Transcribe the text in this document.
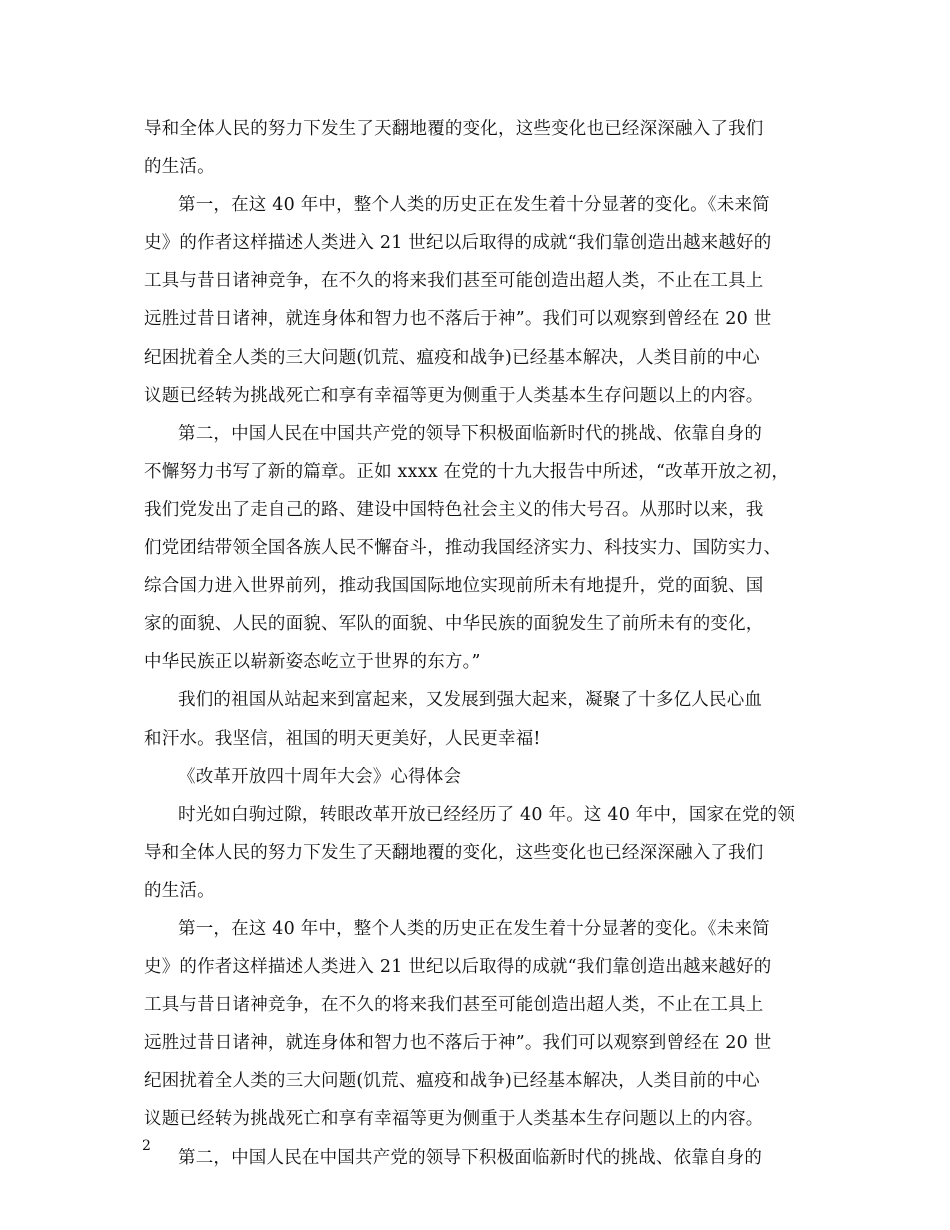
导和全体人民的努力下发生了天翻地覆的变化，这些变化也已经深深融入了我们
的生活。
第一，在这 40 年中，整个人类的历史正在发生着十分显著的变化。《未来简
史》的作者这样描述人类进入 21 世纪以后取得的成就“我们靠创造出越来越好的
工具与昔日诸神竞争，在不久的将来我们甚至可能创造出超人类，不止在工具上
远胜过昔日诸神，就连身体和智力也不落后于神”。我们可以观察到曾经在 20 世
纪困扰着全人类的三大问题(饥荒、瘟疫和战争)已经基本解决，人类目前的中心
议题已经转为挑战死亡和享有幸福等更为侧重于人类基本生存问题以上的内容。
第二，中国人民在中国共产党的领导下积极面临新时代的挑战、依靠自身的
不懈努力书写了新的篇章。正如 xxxx 在党的十九大报告中所述，“改革开放之初，
我们党发出了走自己的路、建设中国特色社会主义的伟大号召。从那时以来，我
们党团结带领全国各族人民不懈奋斗，推动我国经济实力、科技实力、国防实力、
综合国力进入世界前列，推动我国国际地位实现前所未有地提升，党的面貌、国
家的面貌、人民的面貌、军队的面貌、中华民族的面貌发生了前所未有的变化，
中华民族正以崭新姿态屹立于世界的东方。”
我们的祖国从站起来到富起来，又发展到强大起来，凝聚了十多亿人民心血
和汗水。我坚信，祖国的明天更美好，人民更幸福!
《改革开放四十周年大会》心得体会
时光如白驹过隙，转眼改革开放已经经历了 40 年。这 40 年中，国家在党的领
导和全体人民的努力下发生了天翻地覆的变化，这些变化也已经深深融入了我们
的生活。
第一，在这 40 年中，整个人类的历史正在发生着十分显著的变化。《未来简
史》的作者这样描述人类进入 21 世纪以后取得的成就“我们靠创造出越来越好的
工具与昔日诸神竞争，在不久的将来我们甚至可能创造出超人类，不止在工具上
远胜过昔日诸神，就连身体和智力也不落后于神”。我们可以观察到曾经在 20 世
纪困扰着全人类的三大问题(饥荒、瘟疫和战争)已经基本解决，人类目前的中心
议题已经转为挑战死亡和享有幸福等更为侧重于人类基本生存问题以上的内容。
第二，中国人民在中国共产党的领导下积极面临新时代的挑战、依靠自身的
2
